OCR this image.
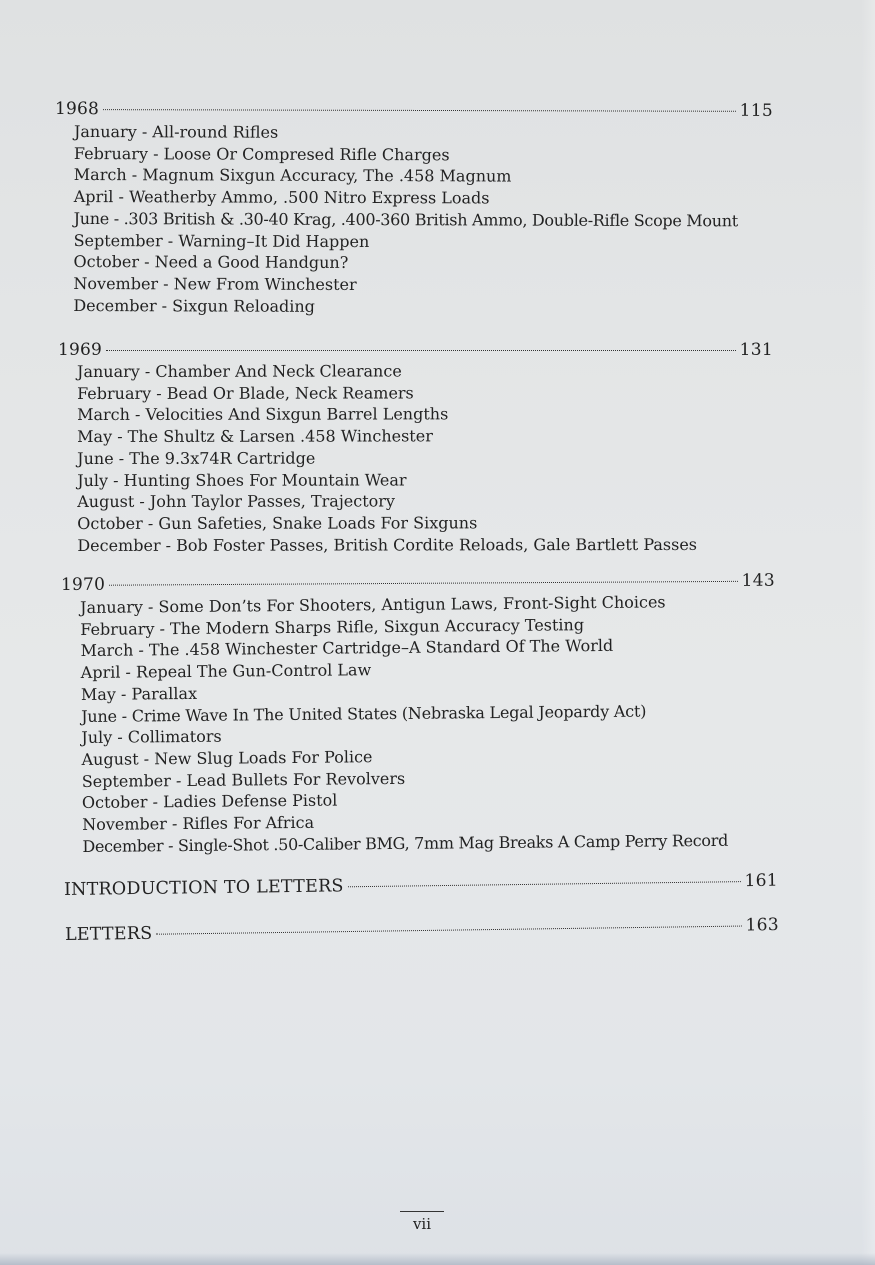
1968	115
January - All-round Rifles
February - Loose Or Compresed Rifle Charges
March - Magnum Sixgun Accuracy, The .458 Magnum
April - Weatherby Ammo, .500 Nitro Express Loads
June - .303 British & .30-40 Krag, .400-360 British Ammo, Double-Rifle Scope Mount
September - Warning–It Did Happen
October - Need a Good Handgun?
November - New From Winchester
December - Sixgun Reloading
1969	131
January - Chamber And Neck Clearance
February - Bead Or Blade, Neck Reamers
March - Velocities And Sixgun Barrel Lengths
May - The Shultz & Larsen .458 Winchester
June - The 9.3x74R Cartridge
July - Hunting Shoes For Mountain Wear
August - John Taylor Passes, Trajectory
October - Gun Safeties, Snake Loads For Sixguns
December - Bob Foster Passes, British Cordite Reloads, Gale Bartlett Passes
1970	143
January - Some Don’ts For Shooters, Antigun Laws, Front-Sight Choices
February - The Modern Sharps Rifle, Sixgun Accuracy Testing
March - The .458 Winchester Cartridge–A Standard Of The World
April - Repeal The Gun-Control Law
May - Parallax
June - Crime Wave In The United States (Nebraska Legal Jeopardy Act)
July - Collimators
August - New Slug Loads For Police
September - Lead Bullets For Revolvers
October - Ladies Defense Pistol
November - Rifles For Africa
December - Single-Shot .50-Caliber BMG, 7mm Mag Breaks A Camp Perry Record
INTRODUCTION TO LETTERS	161
LETTERS	163
vii
